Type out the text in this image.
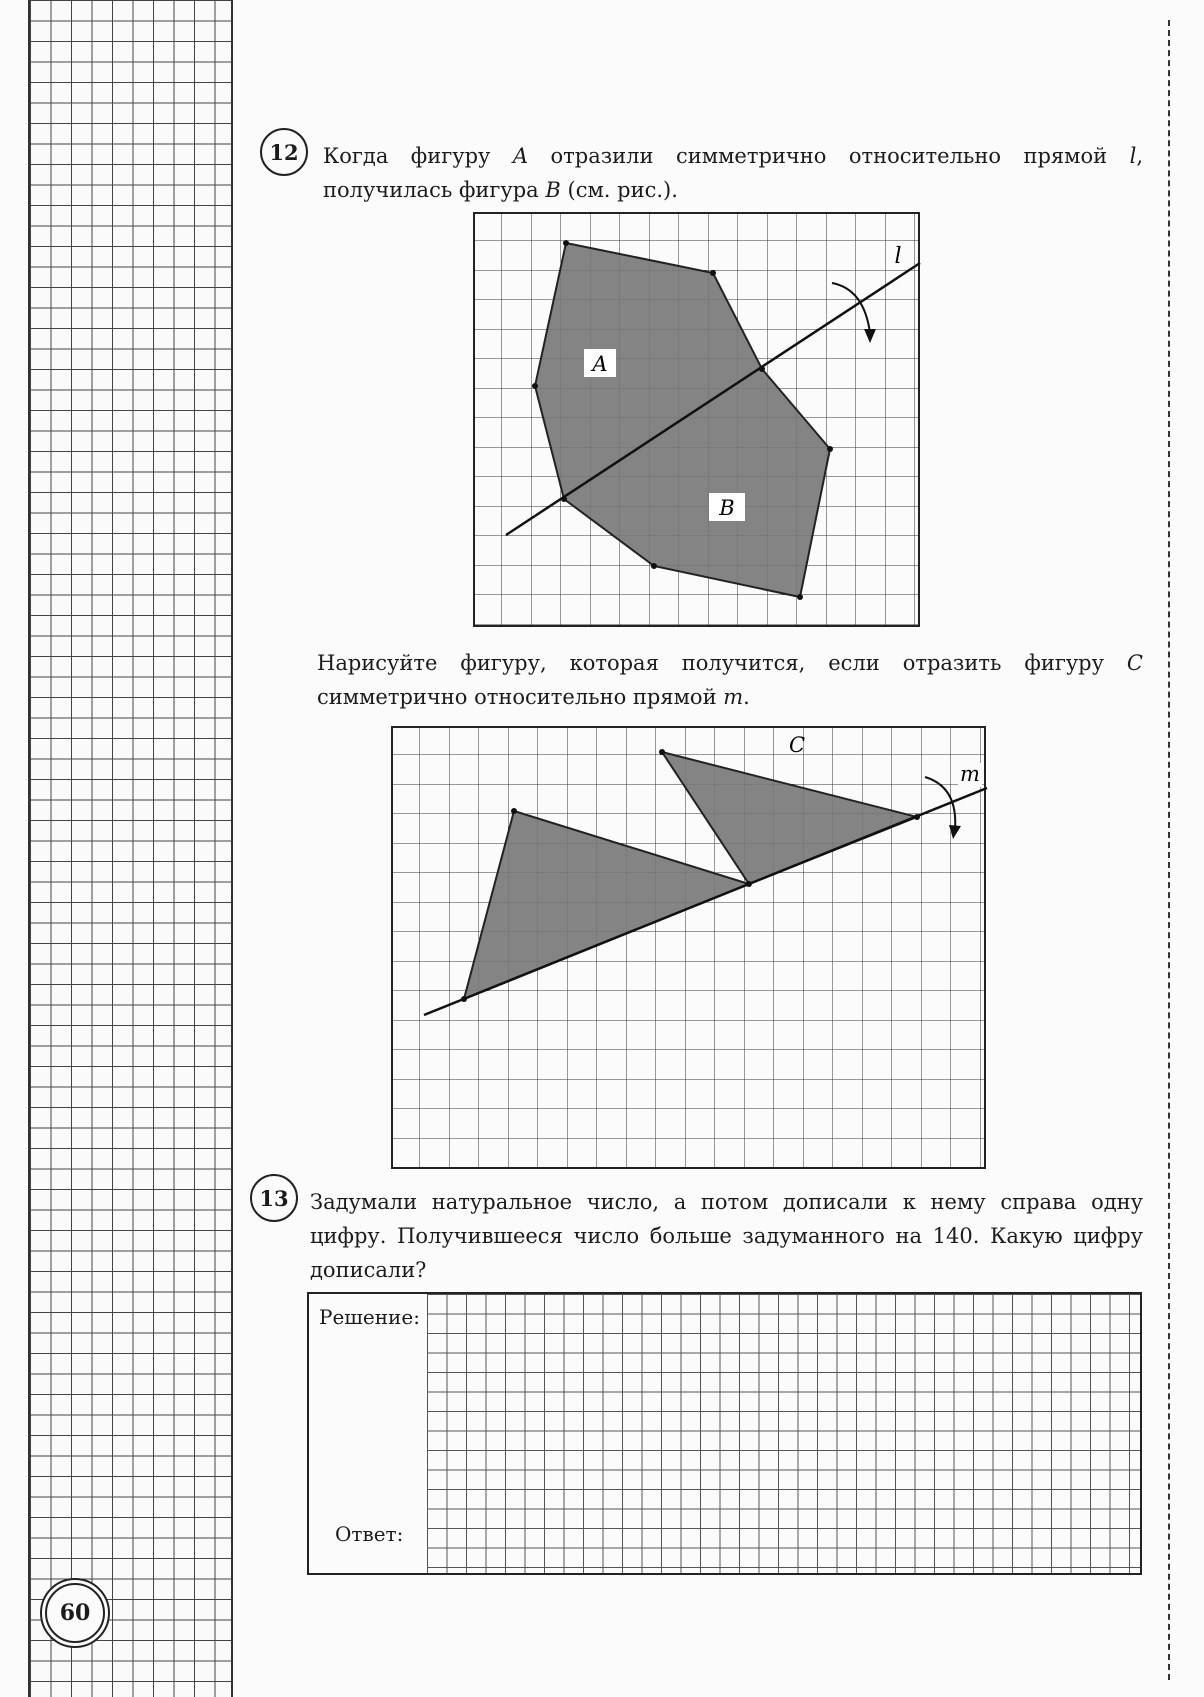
12 Когда фигуру A отразили симметрично относительно прямой l, получилась фигура B (см. рис.).

A
B
l

Нарисуйте фигуру, которая получится, если отразить фигуру C симметрично относительно прямой m.

C
m
13 Задумали натуральное число, а потом дописали к нему справа одну цифру. Получившееся число больше задуманного на 140. Какую цифру дописали?

Решение:
Ответ:
60
